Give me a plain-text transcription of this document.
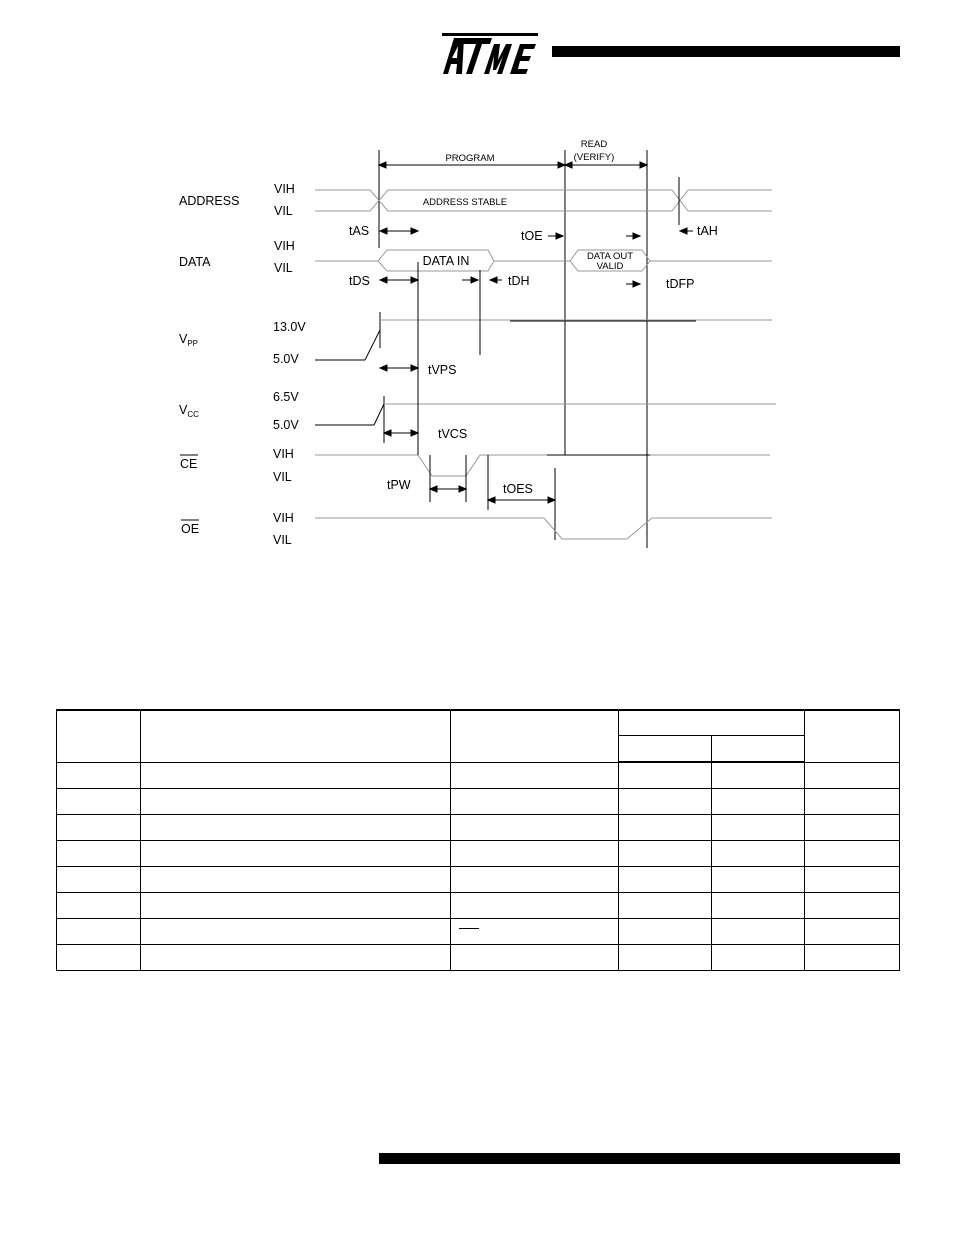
PROGRAM
READ
(VERIFY)
ADDRESS
DATA
$V_{PP}$
$V_{CC}$
CE
OE
VIH
VIL
VIH
VIL
13.0V
5.0V
6.5V
5.0V
VIH
VIL
VIH
VIL
ADDRESS STABLE
DATA IN	DATA OUT
VALID
tAS	tOE	tAH
tDS	tDH	tDFP
tVPS
tVCS
tPW	tOES
